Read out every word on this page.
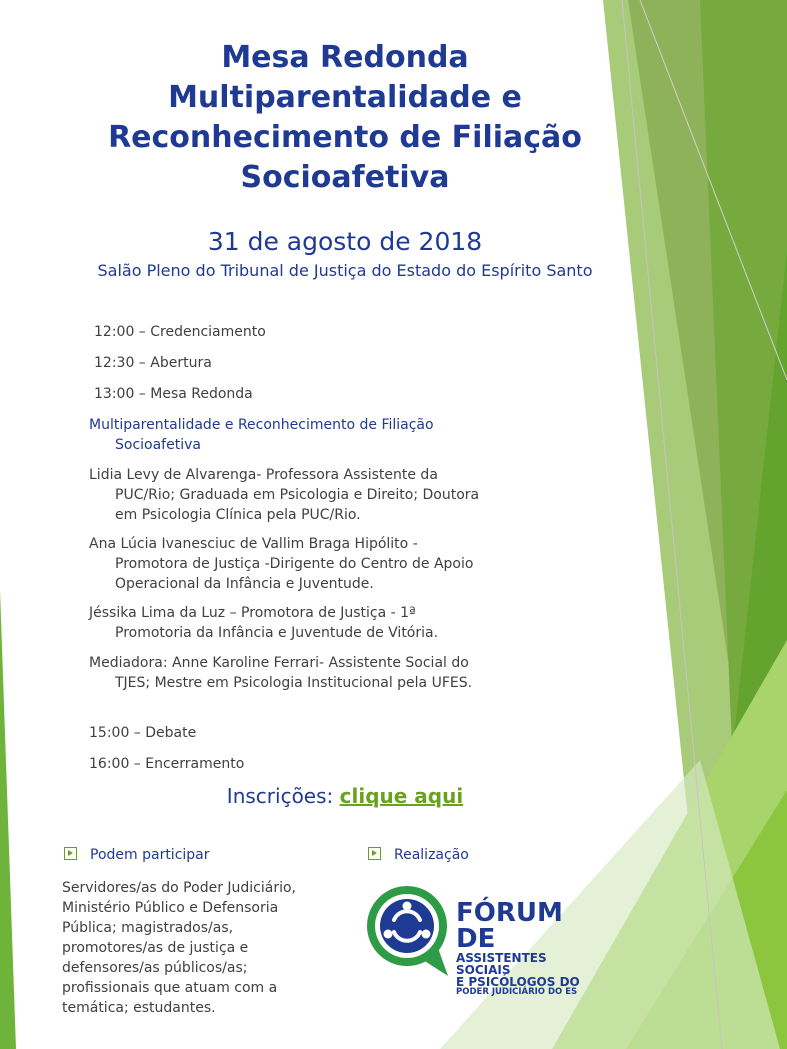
Mesa Redonda
Multiparentalidade e
Reconhecimento de Filiação
Socioafetiva
31 de agosto de 2018
Salão Pleno do Tribunal de Justiça do Estado do Espírito Santo
12:00 – Credenciamento
12:30 – Abertura
13:00 – Mesa Redonda
Multiparentalidade e Reconhecimento de Filiação Socioafetiva
Lidia Levy de Alvarenga- Professora Assistente da PUC/Rio; Graduada em Psicologia e Direito; Doutora em Psicologia Clínica pela PUC/Rio.
Ana Lúcia Ivanesciuc de Vallim Braga Hipólito - Promotora de Justiça -Dirigente do Centro de Apoio Operacional da Infância e Juventude.
Jéssika Lima da Luz – Promotora de Justiça - 1ª Promotoria da Infância e Juventude de Vitória.
Mediadora: Anne Karoline Ferrari- Assistente Social do TJES; Mestre em Psicologia Institucional pela UFES.
15:00 – Debate
16:00 – Encerramento
Inscrições: clique aqui
Podem participar
Servidores/as do Poder Judiciário, Ministério Público e Defensoria Pública; magistrados/as, promotores/as de justiça e defensores/as públicos/as; profissionais que atuam com a temática; estudantes.
Realização
FÓRUM DE
ASSISTENTES SOCIAIS
E PSICÓLOGOS DO
PODER JUDICIÁRIO DO ES
